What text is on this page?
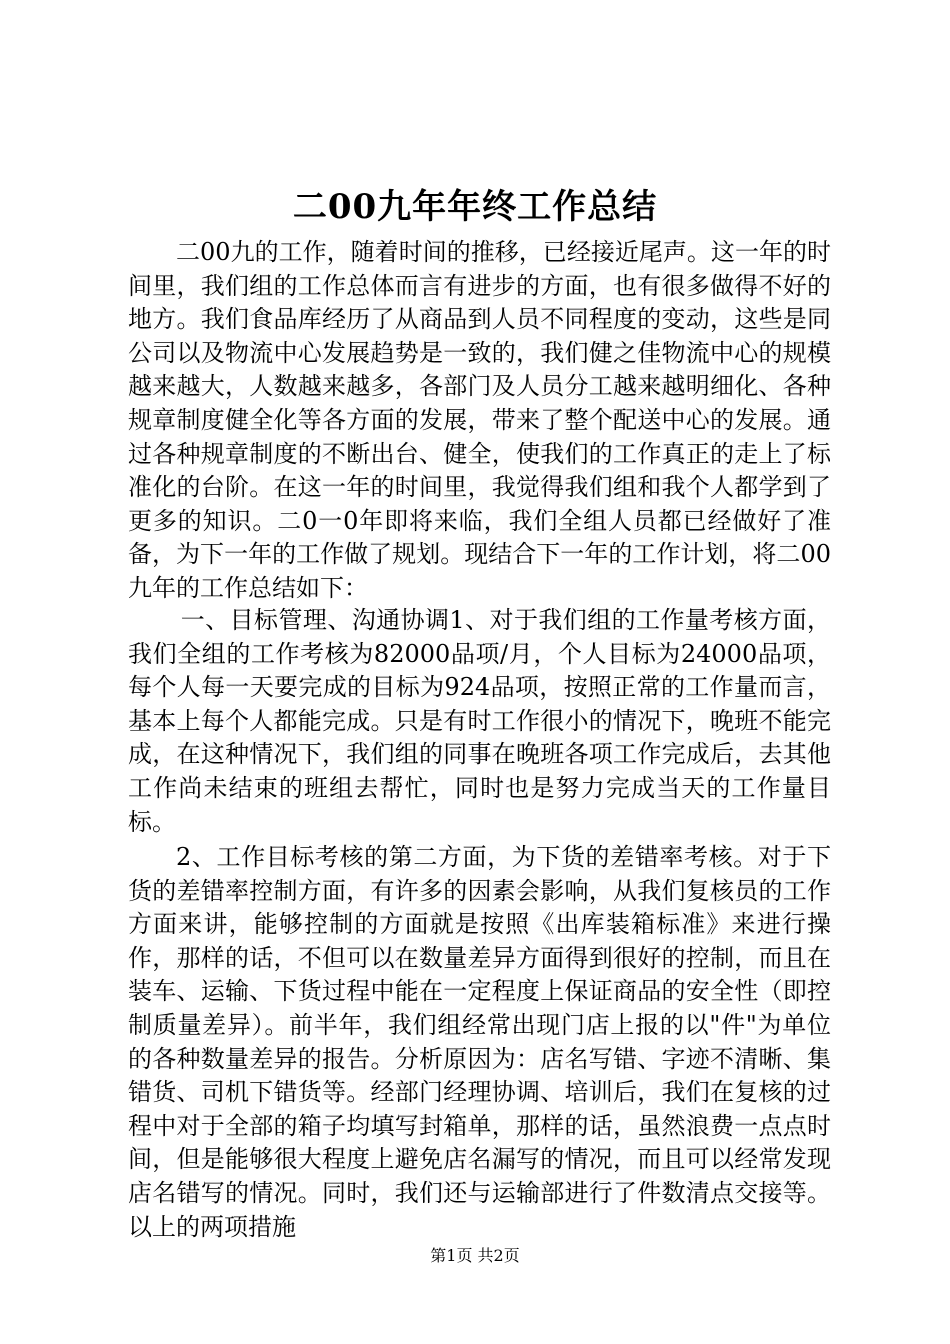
二00九年年终工作总结

二00九的工作，随着时间的推移，已经接近尾声。这一年的时间里，我们组的工作总体而言有进步的方面，也有很多做得不好的地方。我们食品库经历了从商品到人员不同程度的变动，这些是同公司以及物流中心发展趋势是一致的，我们健之佳物流中心的规模越来越大，人数越来越多，各部门及人员分工越来越明细化、各种规章制度健全化等各方面的发展，带来了整个配送中心的发展。通过各种规章制度的不断出台、健全，使我们的工作真正的走上了标准化的台阶。在这一年的时间里，我觉得我们组和我个人都学到了更多的知识。二0一0年即将来临，我们全组人员都已经做好了准备，为下一年的工作做了规划。现结合下一年的工作计划，将二00九年的工作总结如下：

一、目标管理、沟通协调1、对于我们组的工作量考核方面，我们全组的工作考核为82000品项/月，个人目标为24000品项，每个人每一天要完成的目标为924品项，按照正常的工作量而言，基本上每个人都能完成。只是有时工作很小的情况下，晚班不能完成，在这种情况下，我们组的同事在晚班各项工作完成后，去其他工作尚未结束的班组去帮忙，同时也是努力完成当天的工作量目标。

2、工作目标考核的第二方面，为下货的差错率考核。对于下货的差错率控制方面，有许多的因素会影响，从我们复核员的工作方面来讲，能够控制的方面就是按照《出库装箱标准》来进行操作，那样的话，不但可以在数量差异方面得到很好的控制，而且在装车、运输、下货过程中能在一定程度上保证商品的安全性（即控制质量差异）。前半年，我们组经常出现门店上报的以"件"为单位的各种数量差异的报告。分析原因为：店名写错、字迹不清晰、集错货、司机下错货等。经部门经理协调、培训后，我们在复核的过程中对于全部的箱子均填写封箱单，那样的话，虽然浪费一点点时间，但是能够很大程度上避免店名漏写的情况，而且可以经常发现店名错写的情况。同时，我们还与运输部进行了件数清点交接等。以上的两项措施

第1页 共2页
